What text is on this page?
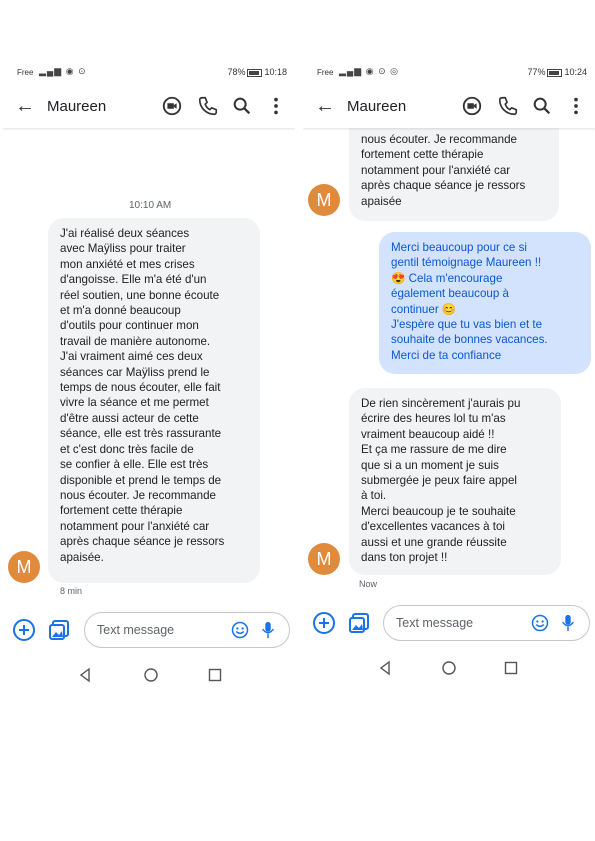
Free ▂▄▆ ◉ ⊙	78% 10:18
← Maureen
10:10 AM
J'ai réalisé deux séances
avec Maÿliss pour traiter
mon anxiété et mes crises
d'angoisse. Elle m'a été d'un
réel soutien, une bonne écoute
et m'a donné beaucoup
d'outils pour continuer mon
travail de manière autonome.
J'ai vraiment aimé ces deux
séances car Maÿliss prend le
temps de nous écouter, elle fait
vivre la séance et me permet
d'être aussi acteur de cette
séance, elle est très rassurante
et c'est donc très facile de
se confier à elle. Elle est très
disponible et prend le temps de
nous écouter. Je recommande
fortement cette thérapie
notamment pour l'anxiété car
après chaque séance je ressors
apaisée.
M
8 min
Text message
Free ▂▄▆ ◉ ⊙ ◎	77% 10:24
← Maureen
nous écouter. Je recommande
fortement cette thérapie
notamment pour l'anxiété car
après chaque séance je ressors
apaisée
M
Merci beaucoup pour ce si
gentil témoignage Maureen !!
😍 Cela m'encourage
également beaucoup à
continuer 😊
J'espère que tu vas bien et te
souhaite de bonnes vacances.
Merci de ta confiance
De rien sincèrement j'aurais pu
écrire des heures lol tu m'as
vraiment beaucoup aidé !!
Et ça me rassure de me dire
que si a un moment je suis
submergée je peux faire appel
à toi.
Merci beaucoup je te souhaite
d'excellentes vacances à toi
aussi et une grande réussite
dans ton projet !!
M
Now
Text message
